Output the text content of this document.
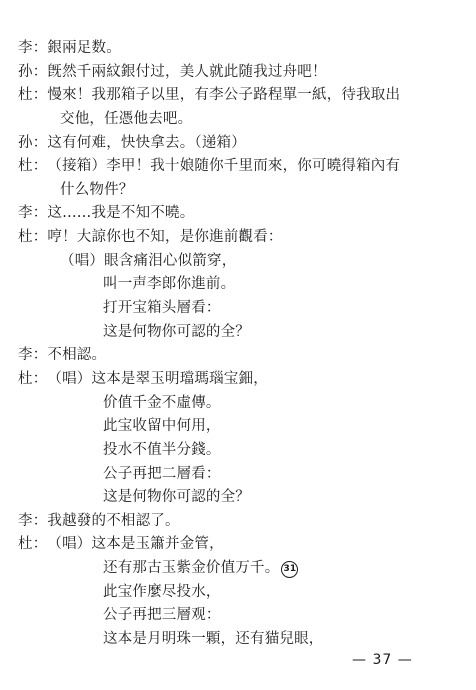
李：銀兩足数。
孙：旣然千兩紋銀付过，美人就此随我过舟吧！
杜：慢來！我那箱子以里，有李公子路程單一紙，待我取出
交他，任憑他去吧。
孙：这有何难，快快拿去。（递箱）
杜：（接箱）李甲！我十娘随你千里而來，你可曉得箱內有
什么物件？
李：这……我是不知不曉。
杜：哼！大諒你也不知，是你進前觀看：
（唱）眼含痛泪心似箭穿，
叫一声李郎你進前。
打开宝箱头層看：
这是何物你可認的全？
李：不相認。
杜：（唱）这本是翠玉明璫瑪瑙宝鈿，
价值千金不虛傳。
此宝收留中何用，
投水不值半分錢。
公子再把二層看：
这是何物你可認的全？
李：我越發的不相認了。
杜：（唱）这本是玉簫并金管，
还有那古玉紫金价值万千。 31
此宝作麼尽投水，
公子再把三層观：
这本是月明珠一顆，还有猫兒眼，
— 37 —
